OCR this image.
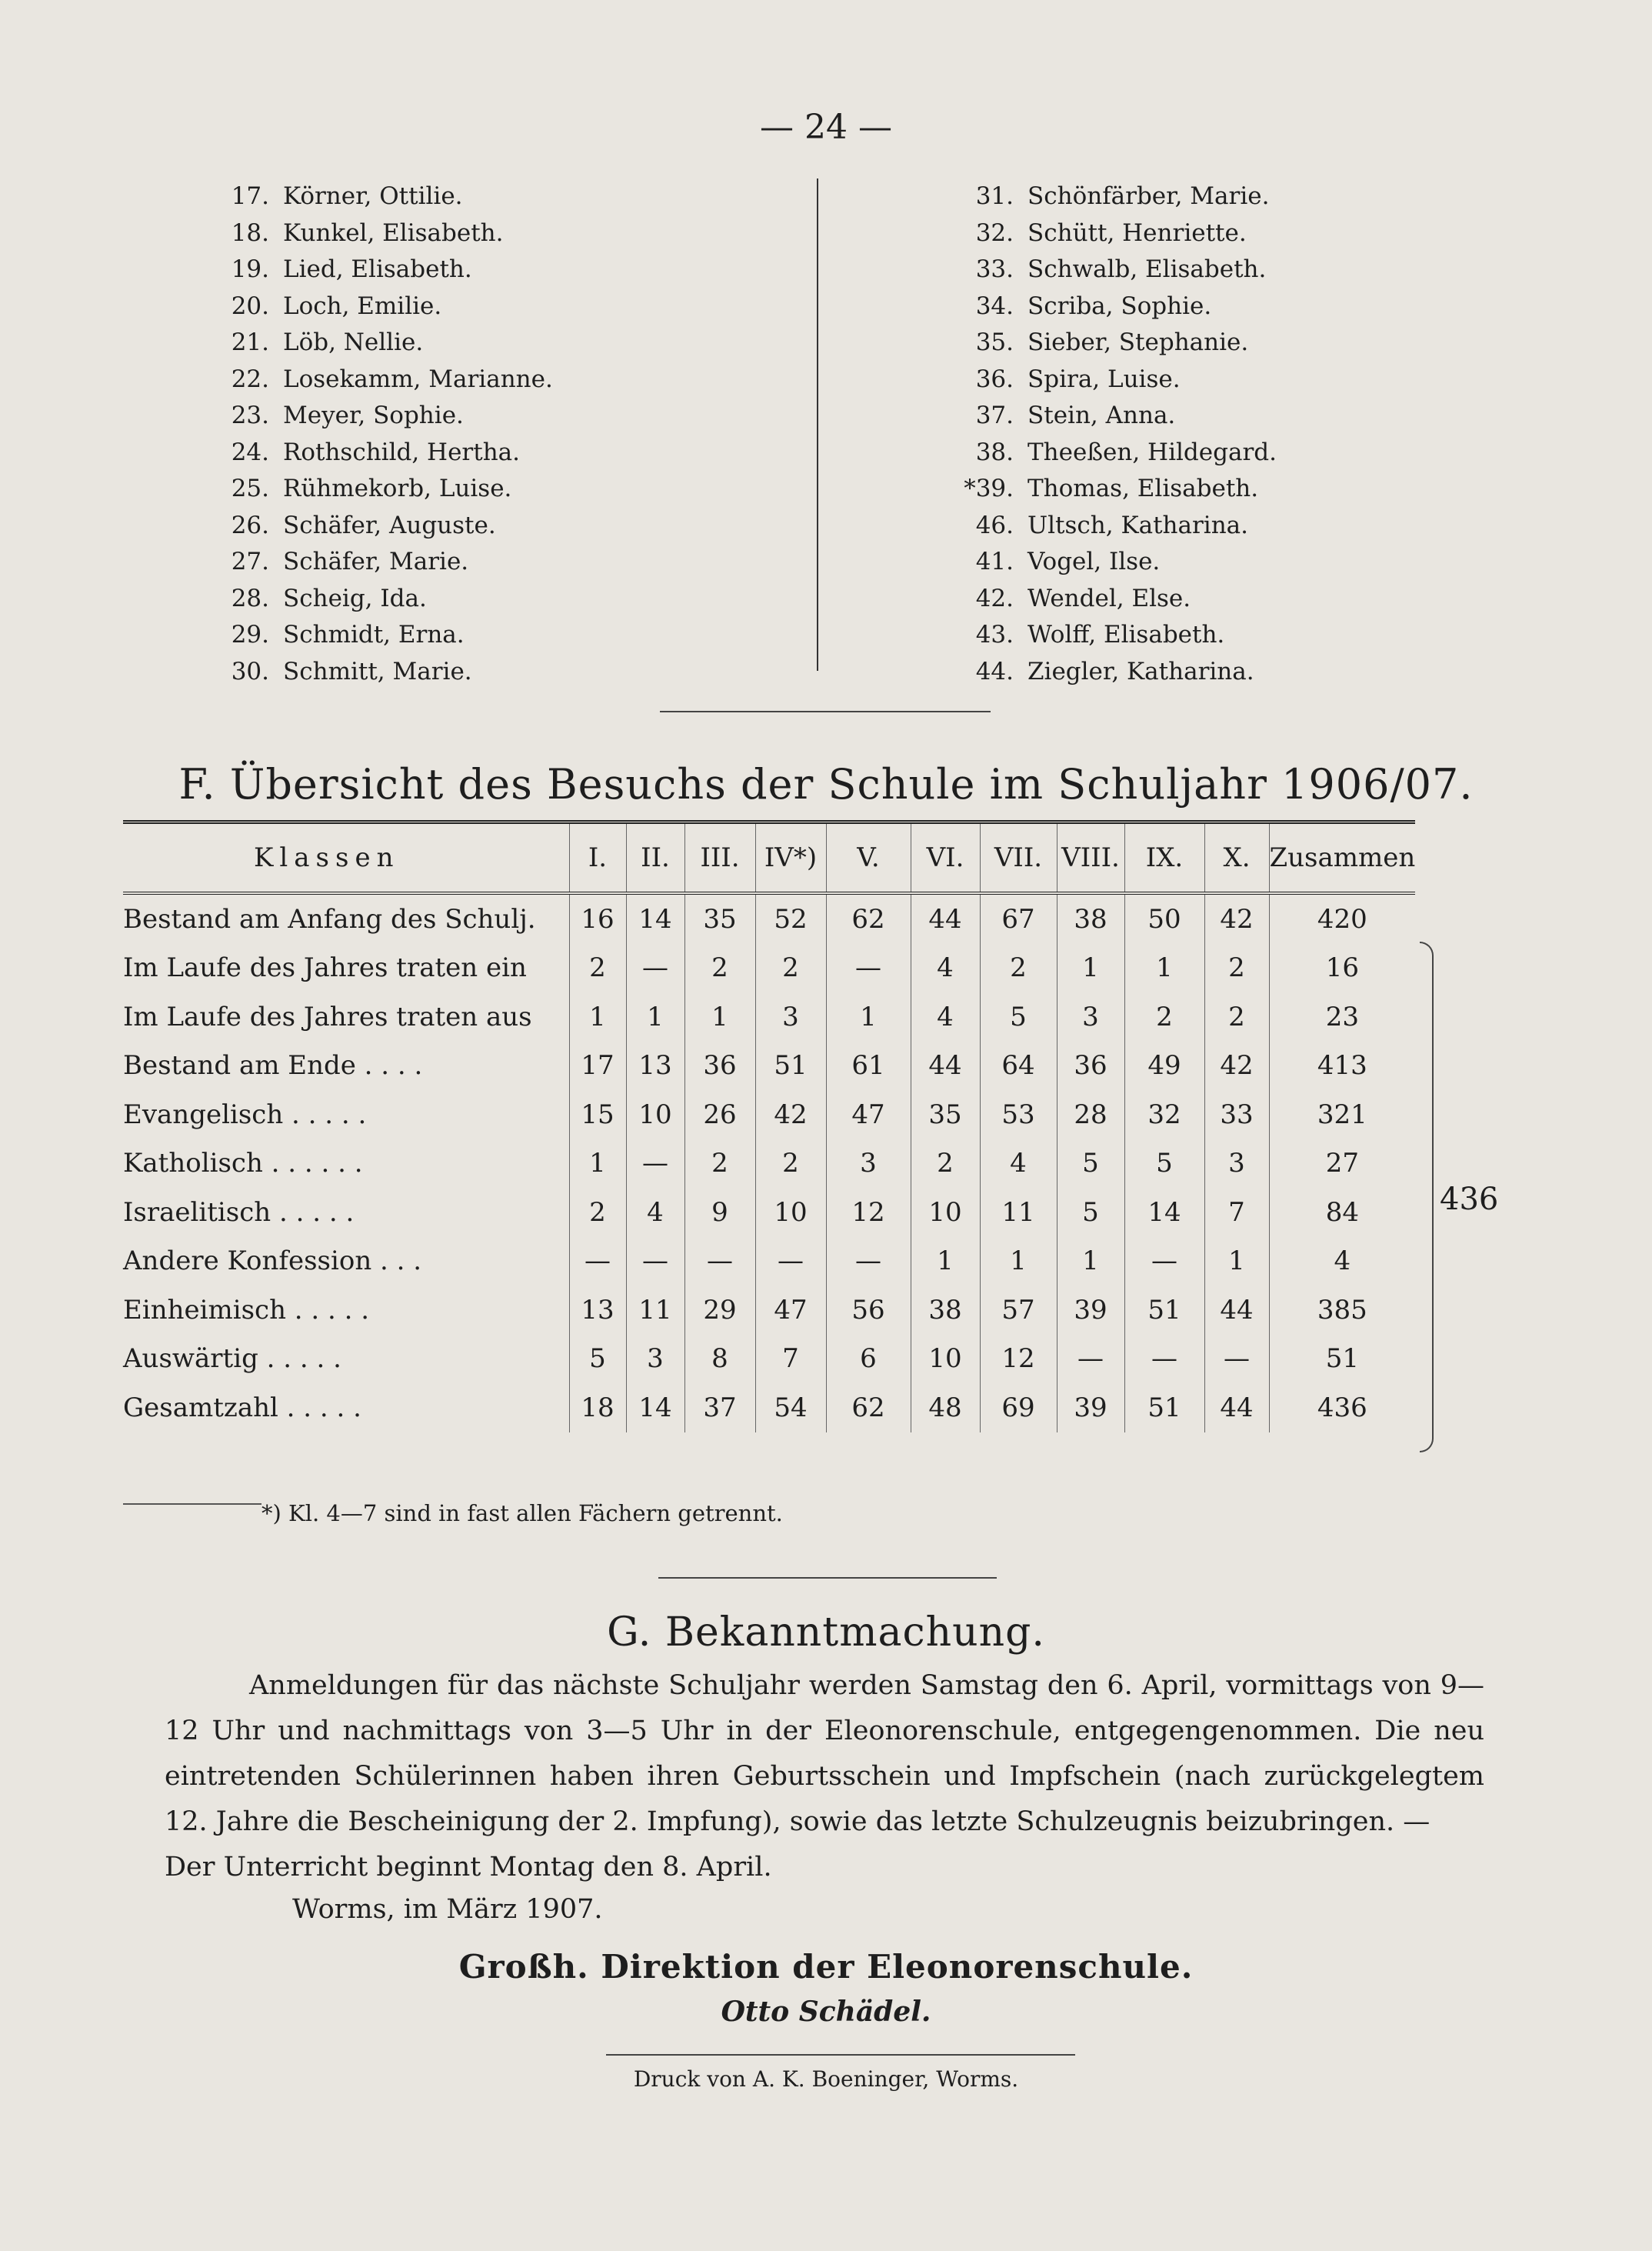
— 24 —
17. Körner, Ottilie.
18. Kunkel, Elisabeth.
19. Lied, Elisabeth.
20. Loch, Emilie.
21. Löb, Nellie.
22. Losekamm, Marianne.
23. Meyer, Sophie.
24. Rothschild, Hertha.
25. Rühmekorb, Luise.
26. Schäfer, Auguste.
27. Schäfer, Marie.
28. Scheig, Ida.
29. Schmidt, Erna.
30. Schmitt, Marie.
31. Schönfärber, Marie.
32. Schütt, Henriette.
33. Schwalb, Elisabeth.
34. Scriba, Sophie.
35. Sieber, Stephanie.
36. Spira, Luise.
37. Stein, Anna.
38. Theeßen, Hildegard.
*39. Thomas, Elisabeth.
46. Ultsch, Katharina.
41. Vogel, Ilse.
42. Wendel, Else.
43. Wolff, Elisabeth.
44. Ziegler, Katharina.
F. Übersicht des Besuchs der Schule im Schuljahr 1906/07.
Klassen	I.	II.	III.	IV*)	V.	VI.	VII.	VIII.	IX.	X.	Zusammen
Bestand am Anfang des Schulj.	16	14	35	52	62	44	67	38	50	42	420
Im Laufe des Jahres traten ein	2	—	2	2	—	4	2	1	1	2	16
Im Laufe des Jahres traten aus	1	1	1	3	1	4	5	3	2	2	23
Bestand am Ende . . . .	17	13	36	51	61	44	64	36	49	42	413
Evangelisch . . . . .	15	10	26	42	47	35	53	28	32	33	321
Katholisch . . . . . .	1	—	2	2	3	2	4	5	5	3	27
Israelitisch . . . . .	2	4	9	10	12	10	11	5	14	7	84
Andere Konfession . . .	—	—	—	—	—	1	1	1	—	1	4
Einheimisch . . . . .	13	11	29	47	56	38	57	39	51	44	385
Auswärtig . . . . .	5	3	8	7	6	10	12	—	—	—	51
Gesamtzahl . . . . .	18	14	37	54	62	48	69	39	51	44	436
436
*) Kl. 4—7 sind in fast allen Fächern getrennt.
G. Bekanntmachung.

Anmeldungen für das nächste Schuljahr werden Samstag den 6. April, vormittags von 9—12 Uhr und nachmittags von 3—5 Uhr in der Eleonorenschule, entgegengenommen. Die neu eintretenden Schülerinnen haben ihren Geburtsschein und Impfschein (nach zurückgelegtem 12. Jahre die Bescheinigung der 2. Impfung), sowie das letzte Schulzeugnis beizubringen. —

Der Unterricht beginnt Montag den 8. April.

Worms, im März 1907.
Großh. Direktion der Eleonorenschule.
Otto Schädel.
Druck von A. K. Boeninger, Worms.
